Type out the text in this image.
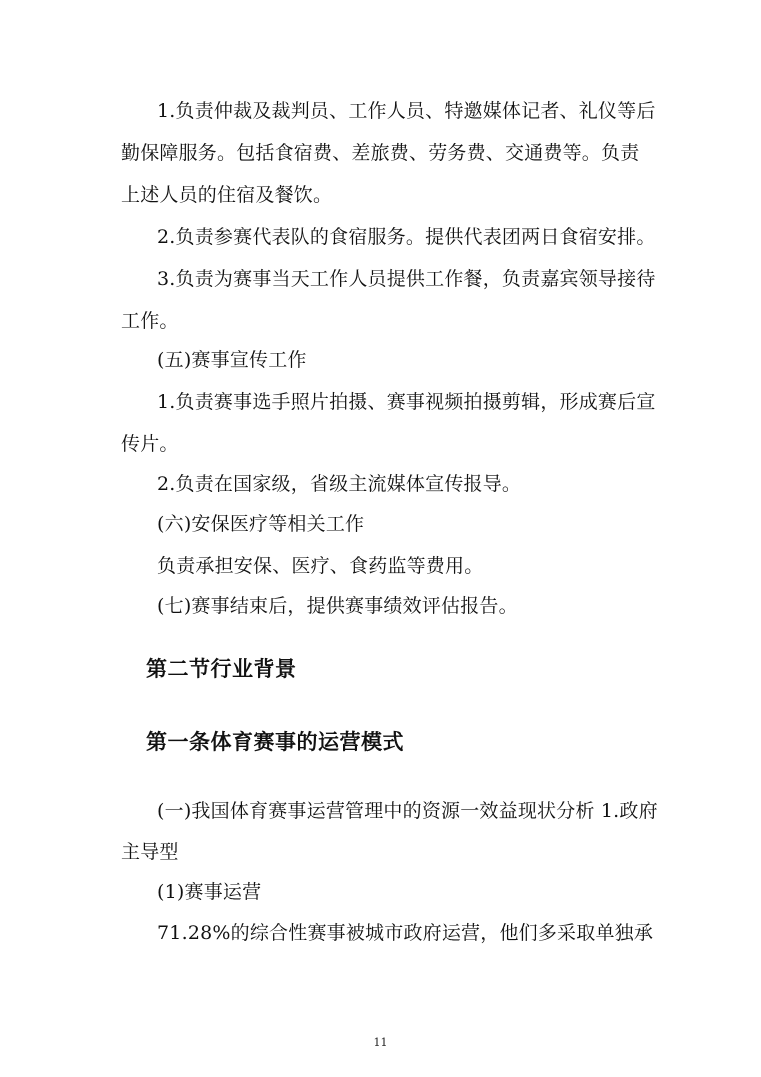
1.负责仲裁及裁判员、工作人员、特邀媒体记者、礼仪等后
勤保障服务。包括食宿费、差旅费、劳务费、交通费等。负责
上述人员的住宿及餐饮。
2.负责参赛代表队的食宿服务。提供代表团两日食宿安排。
3.负责为赛事当天工作人员提供工作餐，负责嘉宾领导接待
工作。
(五)赛事宣传工作
1.负责赛事选手照片拍摄、赛事视频拍摄剪辑，形成赛后宣
传片。
2.负责在国家级，省级主流媒体宣传报导。
(六)安保医疗等相关工作
负责承担安保、医疗、食药监等费用。
(七)赛事结束后，提供赛事绩效评估报告。
第二节行业背景
第一条体育赛事的运营模式
(一)我国体育赛事运营管理中的资源一效益现状分析 1.政府
主导型
(1)赛事运营
71.28%的综合性赛事被城市政府运营，他们多采取单独承
11
